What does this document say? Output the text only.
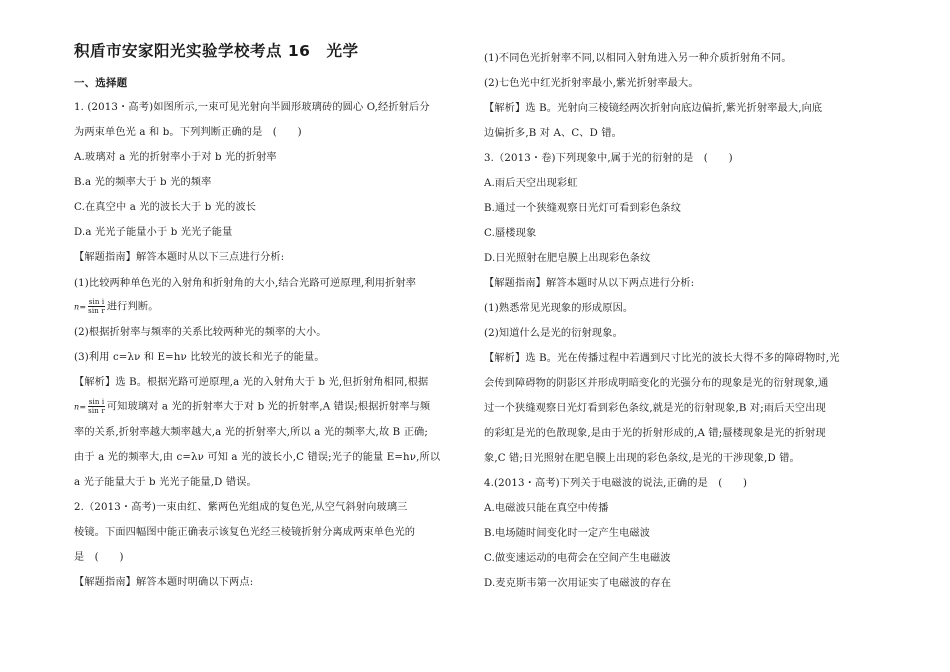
积盾市安家阳光实验学校考点 16　光学
一、选择题
1. (2013・高考)如图所示,一束可见光射向半圆形玻璃砖的圆心 O,经折射后分
为两束单色光 a 和 b。下列判断正确的是　(　　)
A.玻璃对 a 光的折射率小于对 b 光的折射率
B.a 光的频率大于 b 光的频率
C.在真空中 a 光的波长大于 b 光的波长
D.a 光光子能量小于 b 光光子能量
【解题指南】解答本题时从以下三点进行分析:
(1)比较两种单色光的入射角和折射角的大小,结合光路可逆原理,利用折射率
$n= \frac{\text{sin i}}{\text{sin r}}$ 进行判断。
(2)根据折射率与频率的关系比较两种光的频率的大小。
(3)利用 c=λν 和 E=hν 比较光的波长和光子的能量。
【解析】选 B。根据光路可逆原理,a 光的入射角大于 b 光,但折射角相同,根据
$n= \frac{\text{sin i}}{\text{sin r}}$ 可知玻璃对 a 光的折射率大于对 b 光的折射率,A 错误;根据折射率与频
率的关系,折射率越大频率越大,a 光的折射率大,所以 a 光的频率大,故 B 正确;
由于 a 光的频率大,由 c=λν 可知 a 光的波长小,C 错误;光子的能量 E=hν,所以
a 光子能量大于 b 光光子能量,D 错误。
2.（2013・高考)一束由红、紫两色光组成的复色光,从空气斜射向玻璃三
棱镜。下面四幅图中能正确表示该复色光经三棱镜折射分离成两束单色光的
是　(　　)
【解题指南】解答本题时明确以下两点:
(1)不同色光折射率不同,以相同入射角进入另一种介质折射角不同。
(2)七色光中红光折射率最小,紫光折射率最大。
【解析】选 B。光射向三棱镜经两次折射向底边偏折,紫光折射率最大,向底
边偏折多,B 对 A、C、D 错。
3.（2013・卷)下列现象中,属于光的衍射的是　(　　)
A.雨后天空出现彩虹
B.通过一个狭缝观察日光灯可看到彩色条纹
C.蜃楼现象
D.日光照射在肥皂膜上出现彩色条纹
【解题指南】解答本题时从以下两点进行分析:
(1)熟悉常见光现象的形成原因。
(2)知道什么是光的衍射现象。
【解析】选 B。光在传播过程中若遇到尺寸比光的波长大得不多的障碍物时,光
会传到障碍物的阴影区并形成明暗变化的光强分布的现象是光的衍射现象,通
过一个狭缝观察日光灯看到彩色条纹,就是光的衍射现象,B 对;雨后天空出现
的彩虹是光的色散现象,是由于光的折射形成的,A 错;蜃楼现象是光的折射现
象,C 错;日光照射在肥皂膜上出现的彩色条纹,是光的干涉现象,D 错。
4.(2013・高考)下列关于电磁波的说法,正确的是　(　　)
A.电磁波只能在真空中传播
B.电场随时间变化时一定产生电磁波
C.做变速运动的电荷会在空间产生电磁波
D.麦克斯韦第一次用证实了电磁波的存在
